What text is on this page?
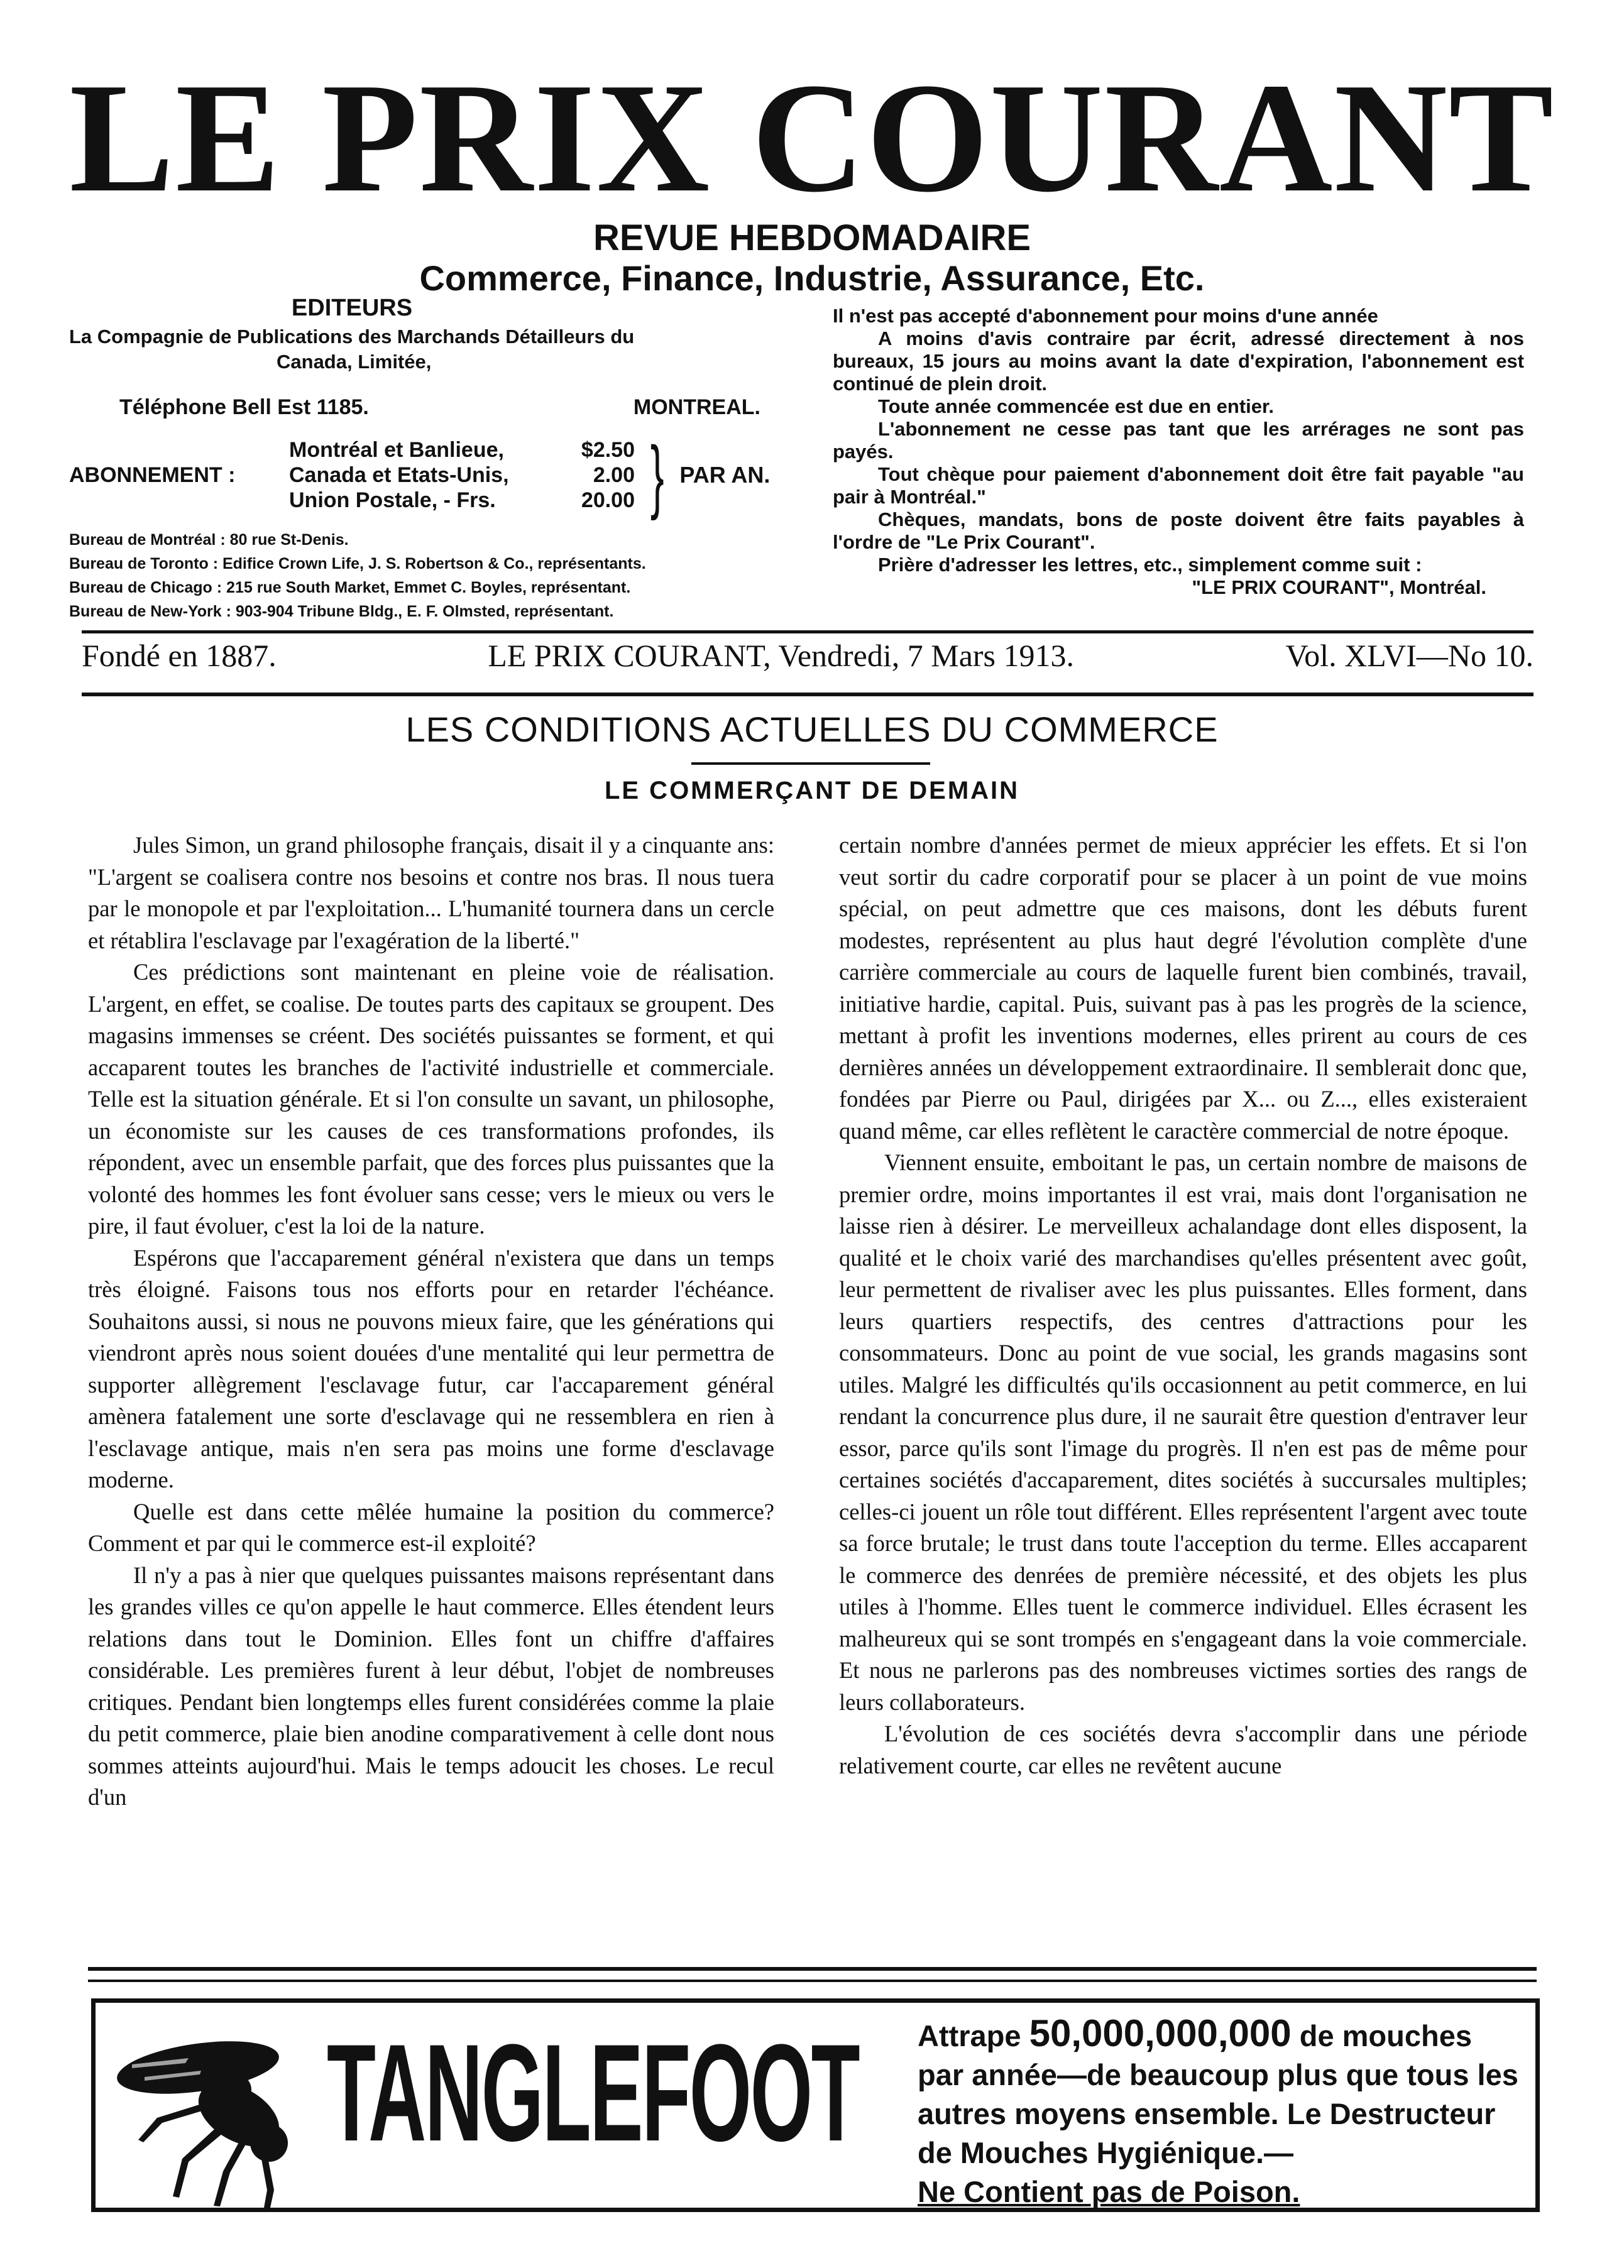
LE PRIX COURANT
REVUE HEBDOMADAIRE
Commerce, Finance, Industrie, Assurance, Etc.
EDITEURS
La Compagnie de Publications des Marchands Détailleurs du
Canada, Limitée,
Téléphone Bell Est 1185.	MONTREAL.
ABONNEMENT :
Montréal et Banlieue,	$2.50
Canada et Etats-Unis,	2.00
Union Postale, - Frs.	20.00 } PAR AN.
Bureau de Montréal : 80 rue St-Denis.
Bureau de Toronto : Edifice Crown Life, J. S. Robertson & Co., représentants.
Bureau de Chicago : 215 rue South Market, Emmet C. Boyles, représentant.
Bureau de New-York : 903-904 Tribune Bldg., E. F. Olmsted, représentant.

Il n'est pas accepté d'abonnement pour moins d'une année

A moins d'avis contraire par écrit, adressé directement à nos bureaux, 15 jours au moins avant la date d'expiration, l'abonnement est continué de plein droit.

Toute année commencée est due en entier.

L'abonnement ne cesse pas tant que les arrérages ne sont pas payés.

Tout chèque pour paiement d'abonnement doit être fait payable "au pair à Montréal."

Chèques, mandats, bons de poste doivent être faits payables à l'ordre de "Le Prix Courant".

Prière d'adresser les lettres, etc., simplement comme suit :

"LE PRIX COURANT", Montréal.

Fondé en 1887.	LE PRIX COURANT, Vendredi, 7 Mars 1913.	Vol. XLVI—No 10.
LES CONDITIONS ACTUELLES DU COMMERCE
LE COMMERÇANT DE DEMAIN

Jules Simon, un grand philosophe français, disait il y a cinquante ans: "L'argent se coalisera contre nos besoins et contre nos bras. Il nous tuera par le monopole et par l'exploitation... L'humanité tournera dans un cercle et rétablira l'esclavage par l'exagération de la liberté."

Ces prédictions sont maintenant en pleine voie de réalisation. L'argent, en effet, se coalise. De toutes parts des capitaux se groupent. Des magasins immenses se créent. Des sociétés puissantes se forment, et qui accaparent toutes les branches de l'activité industrielle et commerciale. Telle est la situation générale. Et si l'on consulte un savant, un philosophe, un économiste sur les causes de ces transformations profondes, ils répondent, avec un ensemble parfait, que des forces plus puissantes que la volonté des hommes les font évoluer sans cesse; vers le mieux ou vers le pire, il faut évoluer, c'est la loi de la nature.

Espérons que l'accaparement général n'existera que dans un temps très éloigné. Faisons tous nos efforts pour en retarder l'échéance. Souhaitons aussi, si nous ne pouvons mieux faire, que les générations qui viendront après nous soient douées d'une mentalité qui leur permettra de supporter allègrement l'esclavage futur, car l'accaparement général amènera fatalement une sorte d'esclavage qui ne ressemblera en rien à l'esclavage antique, mais n'en sera pas moins une forme d'esclavage moderne.

Quelle est dans cette mêlée humaine la position du commerce? Comment et par qui le commerce est-il exploité?

Il n'y a pas à nier que quelques puissantes maisons représentant dans les grandes villes ce qu'on appelle le haut commerce. Elles étendent leurs relations dans tout le Dominion. Elles font un chiffre d'affaires considérable. Les premières furent à leur début, l'objet de nombreuses critiques. Pendant bien longtemps elles furent considérées comme la plaie du petit commerce, plaie bien anodine comparativement à celle dont nous sommes atteints aujourd'hui. Mais le temps adoucit les choses. Le recul d'un

certain nombre d'années permet de mieux apprécier les effets. Et si l'on veut sortir du cadre corporatif pour se placer à un point de vue moins spécial, on peut admettre que ces maisons, dont les débuts furent modestes, représentent au plus haut degré l'évolution complète d'une carrière commerciale au cours de laquelle furent bien combinés, travail, initiative hardie, capital. Puis, suivant pas à pas les progrès de la science, mettant à profit les inventions modernes, elles prirent au cours de ces dernières années un développement extraordinaire. Il semblerait donc que, fondées par Pierre ou Paul, dirigées par X... ou Z..., elles existeraient quand même, car elles reflètent le caractère commercial de notre époque.

Viennent ensuite, emboitant le pas, un certain nombre de maisons de premier ordre, moins importantes il est vrai, mais dont l'organisation ne laisse rien à désirer. Le merveilleux achalandage dont elles disposent, la qualité et le choix varié des marchandises qu'elles présentent avec goût, leur permettent de rivaliser avec les plus puissantes. Elles forment, dans leurs quartiers respectifs, des centres d'attractions pour les consommateurs. Donc au point de vue social, les grands magasins sont utiles. Malgré les difficultés qu'ils occasionnent au petit commerce, en lui rendant la concurrence plus dure, il ne saurait être question d'entraver leur essor, parce qu'ils sont l'image du progrès. Il n'en est pas de même pour certaines sociétés d'accaparement, dites sociétés à succursales multiples; celles-ci jouent un rôle tout différent. Elles représentent l'argent avec toute sa force brutale; le trust dans toute l'acception du terme. Elles accaparent le commerce des denrées de première nécessité, et des objets les plus utiles à l'homme. Elles tuent le commerce individuel. Elles écrasent les malheureux qui se sont trompés en s'engageant dans la voie commerciale. Et nous ne parlerons pas des nombreuses victimes sorties des rangs de leurs collaborateurs.

L'évolution de ces sociétés devra s'accomplir dans une période relativement courte, car elles ne revêtent aucune

TANGLEFOOT Attrape 50,000,000,000 de mouches par année—de beaucoup plus que tous les autres moyens ensemble. Le Destructeur de Mouches Hygiénique.—
Ne Contient pas de Poison.
